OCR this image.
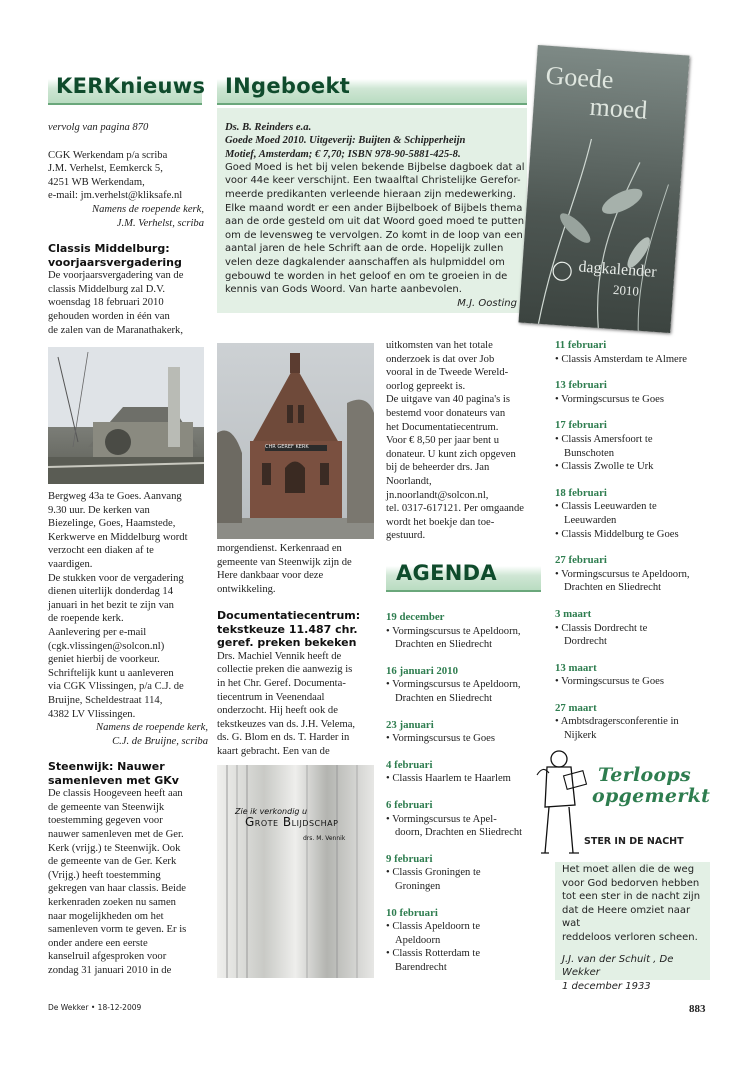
KERKnieuws INgeboekt

vervolg van pagina 870

CGK Werkendam p/a scriba

J.M. Verhelst, Eemkerck 5,

4251 WB Werkendam,

e-mail: jm.verhelst@kliksafe.nl

Namens de roepende kerk,

J.M. Verhelst, scriba

Classis Middelburg:

voorjaarsvergadering

De voorjaarsvergadering van de

classis Middelburg zal D.V.

woensdag 18 februari 2010

gehouden worden in één van

de zalen van de Maranathakerk,

Bergweg 43a te Goes. Aanvang

9.30 uur. De kerken van

Biezelinge, Goes, Haamstede,

Kerkwerve en Middelburg wordt

verzocht een diaken af te

vaardigen.

De stukken voor de vergadering

dienen uiterlijk donderdag 14

januari in het bezit te zijn van

de roepende kerk.

Aanlevering per e-mail

(cgk.vlissingen@solcon.nl)

geniet hierbij de voorkeur.

Schriftelijk kunt u aanleveren

via CGK Vlissingen, p/a C.J. de

Bruijne, Scheldestraat 114,

4382 LV Vlissingen.

Namens de roepende kerk,

C.J. de Bruijne, scriba

Steenwijk: Nauwer

samenleven met GKv

De classis Hoogeveen heeft aan

de gemeente van Steenwijk

toestemming gegeven voor

nauwer samenleven met de Ger.

Kerk (vrijg.) te Steenwijk. Ook

de gemeente van de Ger. Kerk

(Vrijg.) heeft toestemming

gekregen van haar classis. Beide

kerkenraden zoeken nu samen

naar mogelijkheden om het

samenleven vorm te geven. Er is

onder andere een eerste

kanselruil afgesproken voor

zondag 31 januari 2010 in de

Ds. B. Reinders e.a.

Goede Moed 2010. Uitgeverij: Buijten & Schipperheijn

Motief, Amsterdam; € 7,70; ISBN 978-90-5881-425-8.

Goed Moed is het bij velen bekende Bijbelse dagboek dat al

voor 44e keer verschijnt. Een twaalftal Christelijke Gerefor-

meerde predikanten verleende hieraan zijn medewerking.

Elke maand wordt er een ander Bijbelboek of Bijbels thema

aan de orde gesteld om uit dat Woord goed moed te putten

om de levensweg te vervolgen. Zo komt in de loop van een

aantal jaren de hele Schrift aan de orde. Hopelijk zullen

velen deze dagkalender aanschaffen als hulpmiddel om

gebouwd te worden in het geloof en om te groeien in de

kennis van Gods Woord. Van harte aanbevolen.

M.J. Oosting

Goede
moed
dagkalender
2010
CHR GEREF KERK

morgendienst. Kerkenraad en

gemeente van Steenwijk zijn de

Here dankbaar voor deze

ontwikkeling.

Documentatiecentrum:

tekstkeuze 11.487 chr.

geref. preken bekeken

Drs. Machiel Vennik heeft de

collectie preken die aanwezig is

in het Chr. Geref. Documenta-

tiecentrum in Veenendaal

onderzocht. Hij heeft ook de

tekstkeuzes van ds. J.H. Velema,

ds. G. Blom en ds. T. Harder in

kaart gebracht. Een van de

Zie ik verkondig u
Grote Blijdschap
drs. M. Vennik

uitkomsten van het totale

onderzoek is dat over Job

vooral in de Tweede Wereld-

oorlog gepreekt is.

De uitgave van 40 pagina's is

bestemd voor donateurs van

het Documentatiecentrum.

Voor € 8,50 per jaar bent u

donateur. U kunt zich opgeven

bij de beheerder drs. Jan

Noorlandt,

jn.noorlandt@solcon.nl,

tel. 0317-617121. Per omgaande

wordt het boekje dan toe-

gestuurd.

AGENDA

19 december

• Vormingscursus te Apeldoorn,
Drachten en Sliedrecht

16 januari 2010

• Vormingscursus te Apeldoorn,
Drachten en Sliedrecht

23 januari

• Vormingscursus te Goes

4 februari

• Classis Haarlem te Haarlem

6 februari

• Vormingscursus te Apel-
doorn, Drachten en Sliedrecht

9 februari

• Classis Groningen te
Groningen

10 februari

• Classis Apeldoorn te
Apeldoorn
• Classis Rotterdam te
Barendrecht

11 februari

• Classis Amsterdam te Almere

13 februari

• Vormingscursus te Goes

17 februari

• Classis Amersfoort te
Bunschoten
• Classis Zwolle te Urk

18 februari

• Classis Leeuwarden te
Leeuwarden
• Classis Middelburg te Goes

27 februari

• Vormingscursus te Apeldoorn,
Drachten en Sliedrecht

3 maart

• Classis Dordrecht te
Dordrecht

13 maart

• Vormingscursus te Goes

27 maart

• Ambtsdragersconferentie in
Nijkerk
Terloops
opgemerkt
STER IN DE NACHT

Het moet allen die de weg

voor God bedorven hebben

tot een ster in de nacht zijn

dat de Heere omziet naar wat

reddeloos verloren scheen.

J.J. van der Schuit , De Wekker

1 december 1933

De Wekker • 18-12-2009	883
